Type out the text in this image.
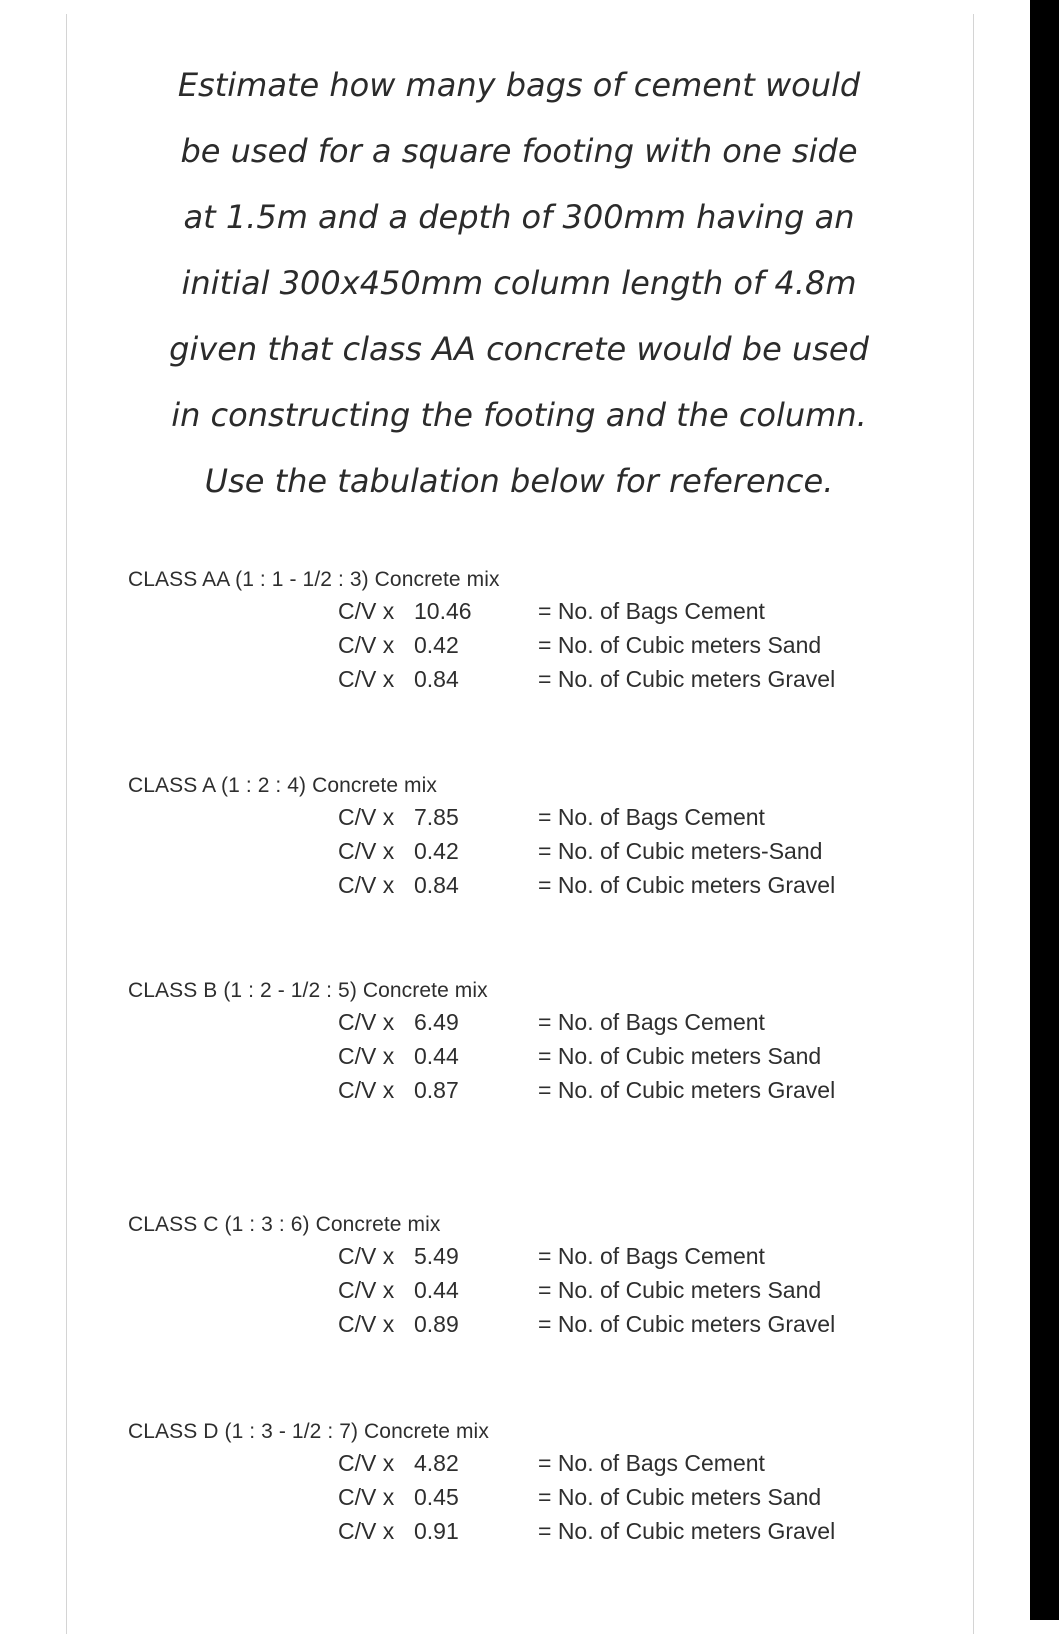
Estimate how many bags of cement would
be used for a square footing with one side
at 1.5m and a depth of 300mm having an
initial 300x450mm column length of 4.8m
given that class AA concrete would be used
in constructing the footing and the column.
Use the tabulation below for reference.
CLASS AA (1 : 1 - 1/2 : 3) Concrete mix
C/V x 10.46	= No. of Bags Cement
C/V x 0.42	= No. of Cubic meters Sand
C/V x 0.84	= No. of Cubic meters Gravel
CLASS A (1 : 2 : 4) Concrete mix
C/V x 7.85	= No. of Bags Cement
C/V x 0.42	= No. of Cubic meters-Sand
C/V x 0.84	= No. of Cubic meters Gravel
CLASS B (1 : 2 - 1/2 : 5) Concrete mix
C/V x 6.49	= No. of Bags Cement
C/V x 0.44	= No. of Cubic meters Sand
C/V x 0.87	= No. of Cubic meters Gravel
CLASS C (1 : 3 : 6) Concrete mix
C/V x 5.49	= No. of Bags Cement
C/V x 0.44	= No. of Cubic meters Sand
C/V x 0.89	= No. of Cubic meters Gravel
CLASS D (1 : 3 - 1/2 : 7) Concrete mix
C/V x 4.82	= No. of Bags Cement
C/V x 0.45	= No. of Cubic meters Sand
C/V x 0.91	= No. of Cubic meters Gravel
